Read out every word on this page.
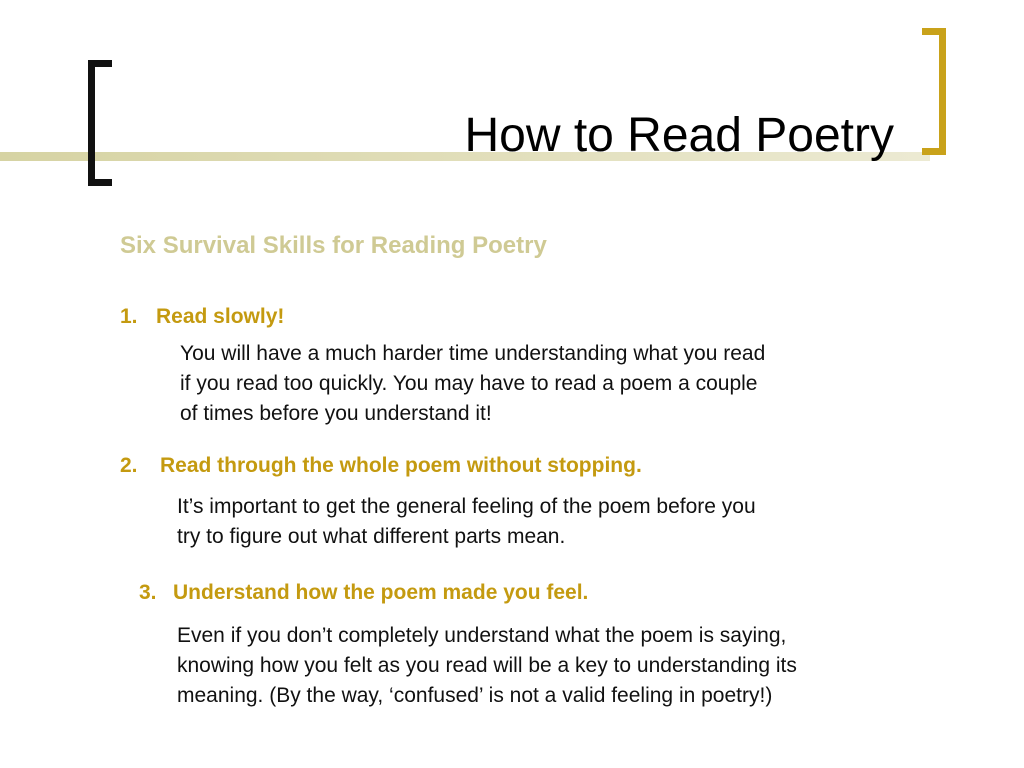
How to Read Poetry
Six Survival Skills for Reading Poetry
1. Read slowly!
You will have a much harder time understanding what you read
if you read too quickly. You may have to read a poem a couple
of times before you understand it!
2. Read through the whole poem without stopping.
It’s important to get the general feeling of the poem before you
try to figure out what different parts mean.
3. Understand how the poem made you feel.
Even if you don’t completely understand what the poem is saying,
knowing how you felt as you read will be a key to understanding its
meaning. (By the way, ‘confused’ is not a valid feeling in poetry!)
